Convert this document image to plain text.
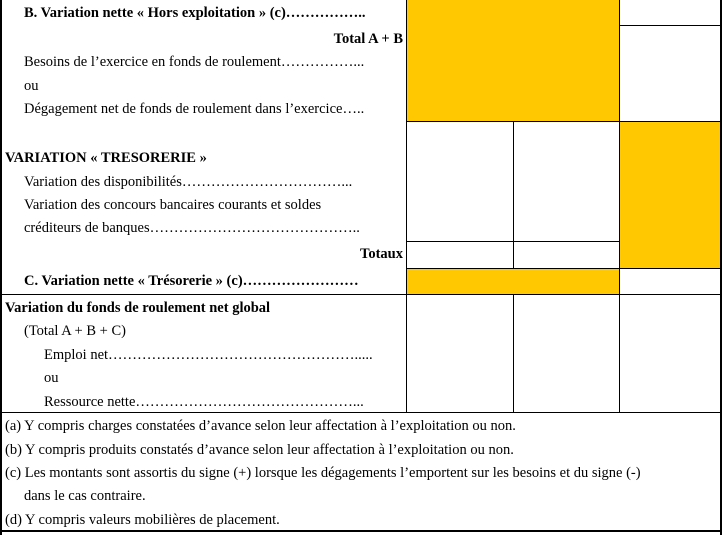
B. Variation nette « Hors exploitation » (c)……………..
Total A + B
Besoins de l’exercice en fonds de roulement……………...
ou
Dégagement net de fonds de roulement dans l’exercice…..
VARIATION « TRESORERIE »
Variation des disponibilités……………………………...
Variation des concours bancaires courants et soldes
créditeurs de banques……………………………………..
Totaux
C. Variation nette « Trésorerie » (c)……………………
Variation du fonds de roulement net global
(Total A + B + C)
Emploi net…………………………………………….....
ou
Ressource nette………………………………………...
(a) Y compris charges constatées d’avance selon leur affectation à l’exploitation ou non.
(b) Y compris produits constatés d’avance selon leur affectation à l’exploitation ou non.
(c) Les montants sont assortis du signe (+) lorsque les dégagements l’emportent sur les besoins et du signe (-)
dans le cas contraire.
(d) Y compris valeurs mobilières de placement.
